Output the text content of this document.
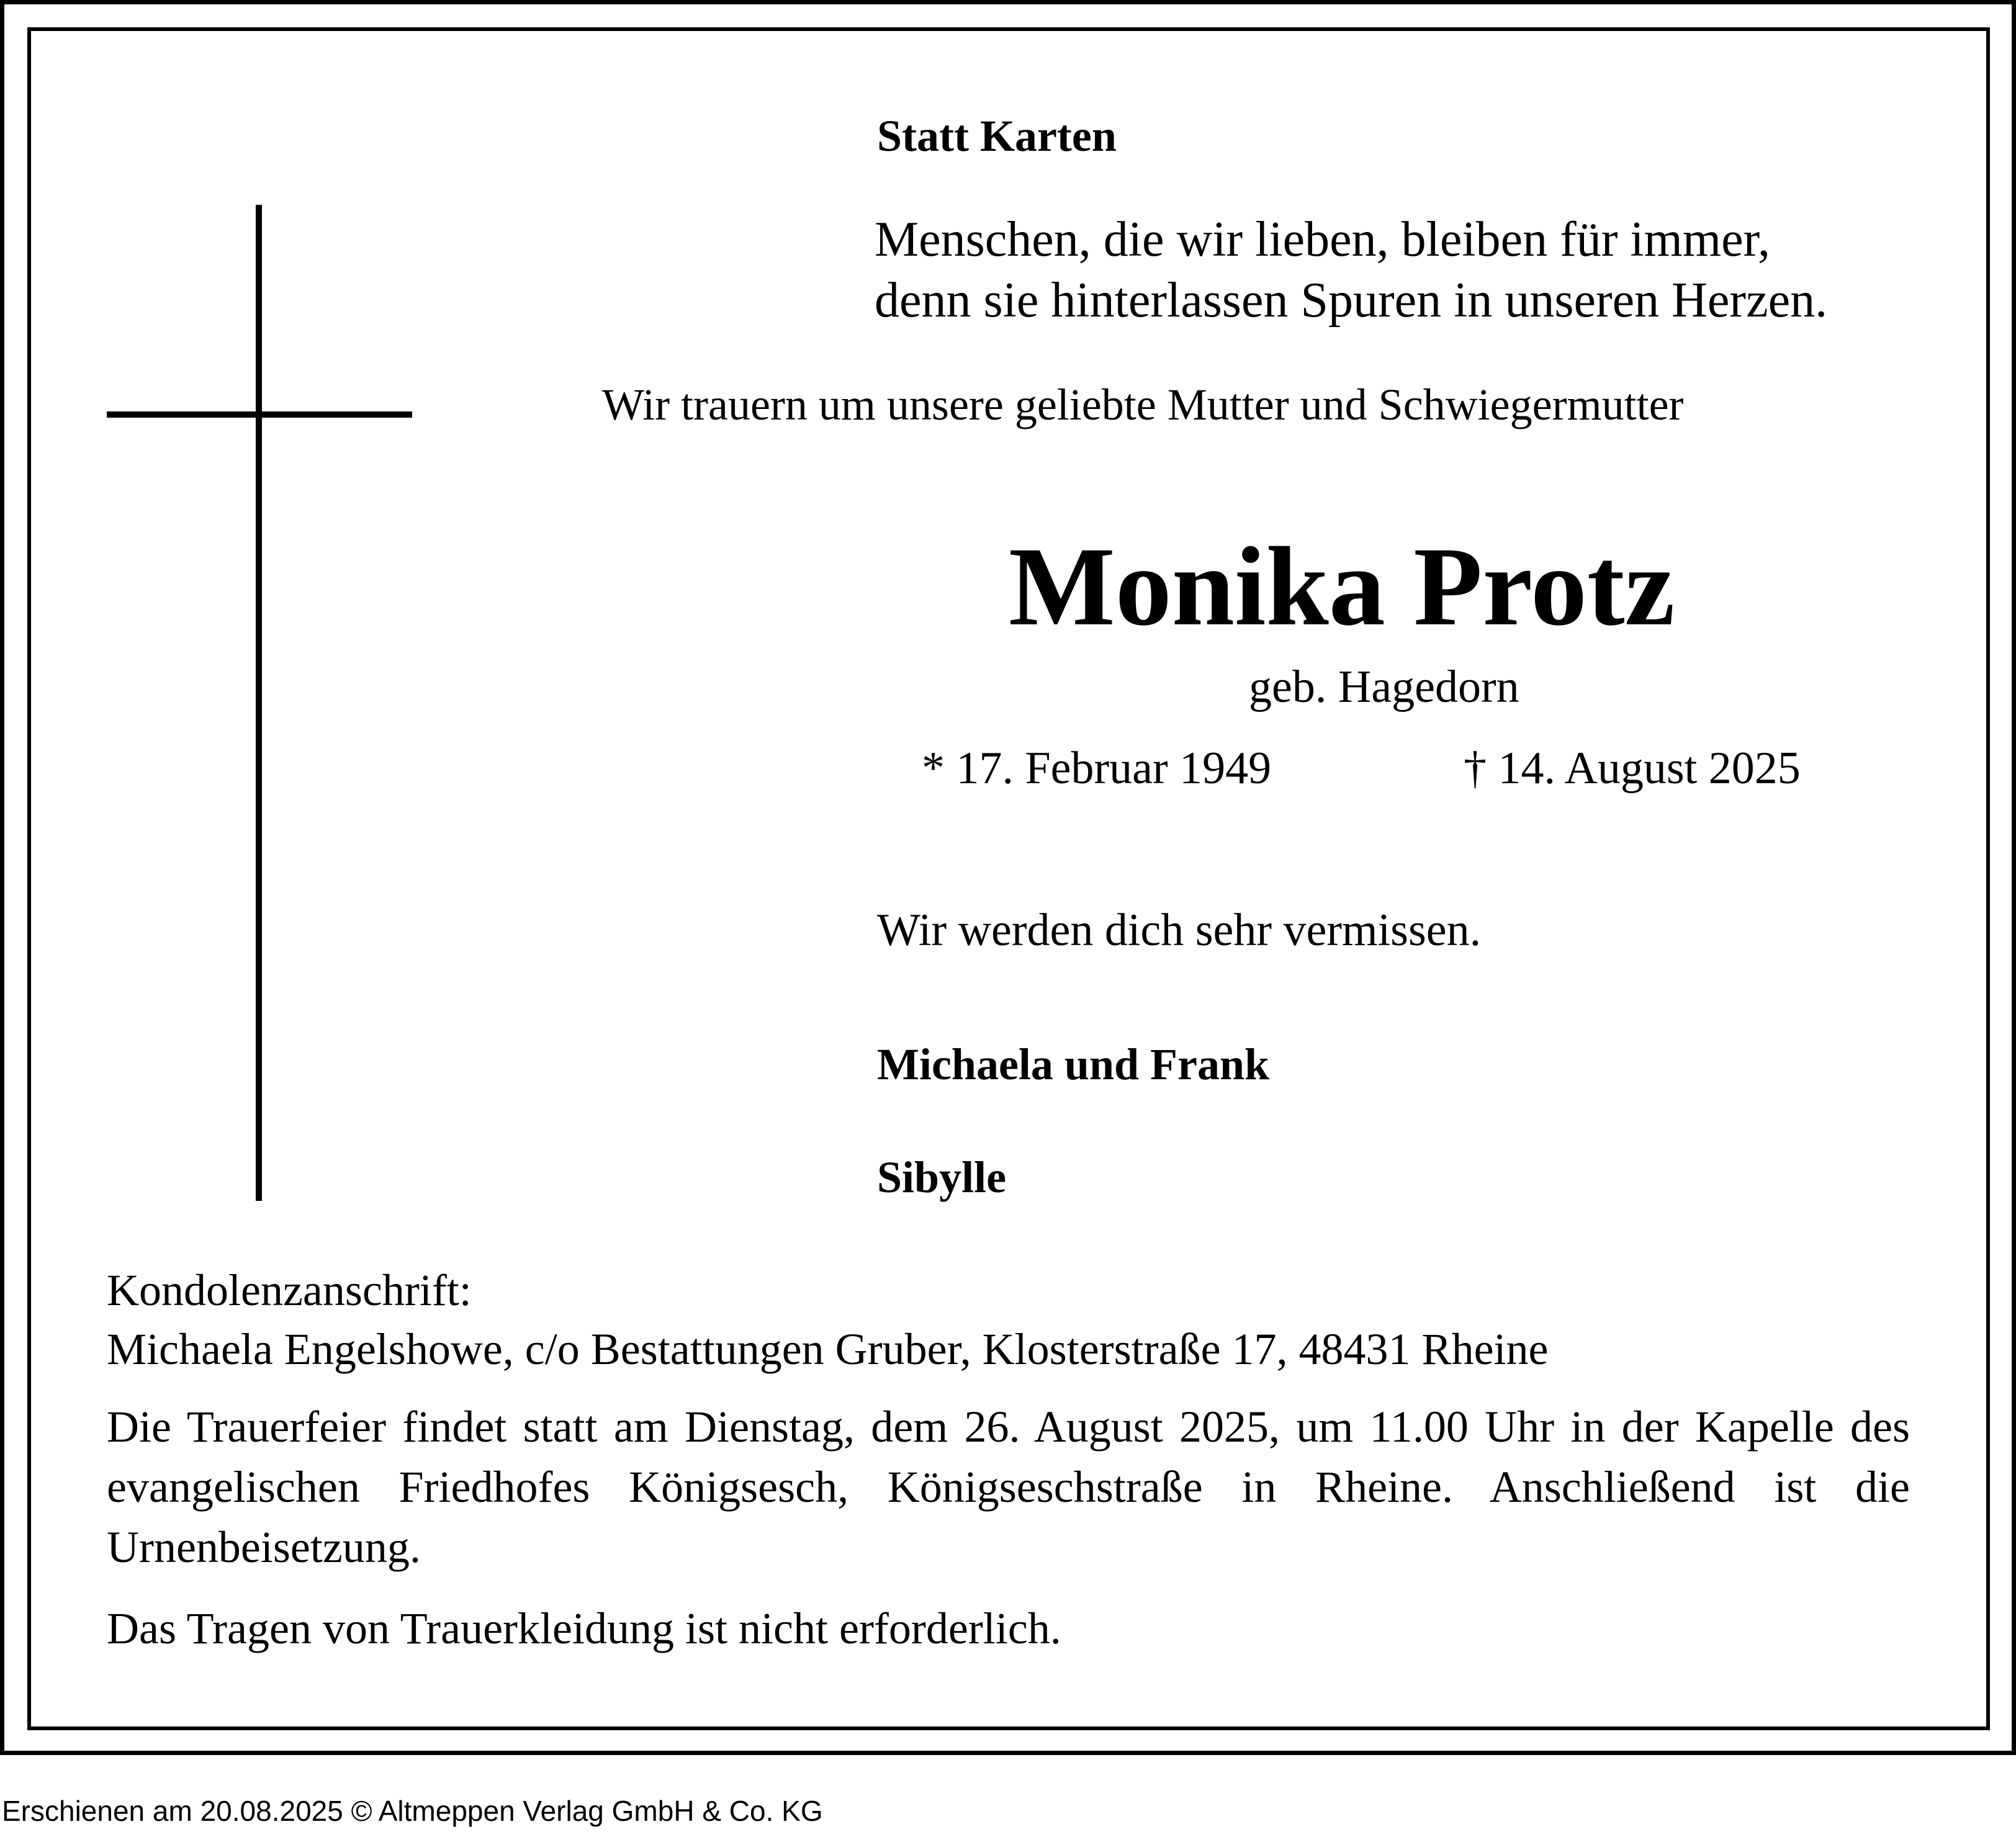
Statt Karten
Menschen, die wir lieben, bleiben für immer,
denn sie hinterlassen Spuren in unseren Herzen.
Wir trauern um unsere geliebte Mutter und Schwiegermutter
Monika Protz
geb. Hagedorn
* 17. Februar 1949	† 14. August 2025
Wir werden dich sehr vermissen.
Michaela und Frank
Sibylle
Kondolenzanschrift:
Michaela Engelshowe, c/o Bestattungen Gruber, Klosterstraße 17, 48431 Rheine
Die Trauerfeier findet statt am Dienstag, dem 26. August 2025, um 11.00 Uhr in der Kapelle des evangelischen Friedhofes Königsesch, Königseschstraße in Rheine. Anschließend ist die Urnenbeisetzung.
Das Tragen von Trauerkleidung ist nicht erforderlich.
Erschienen am 20.08.2025 © Altmeppen Verlag GmbH & Co. KG
